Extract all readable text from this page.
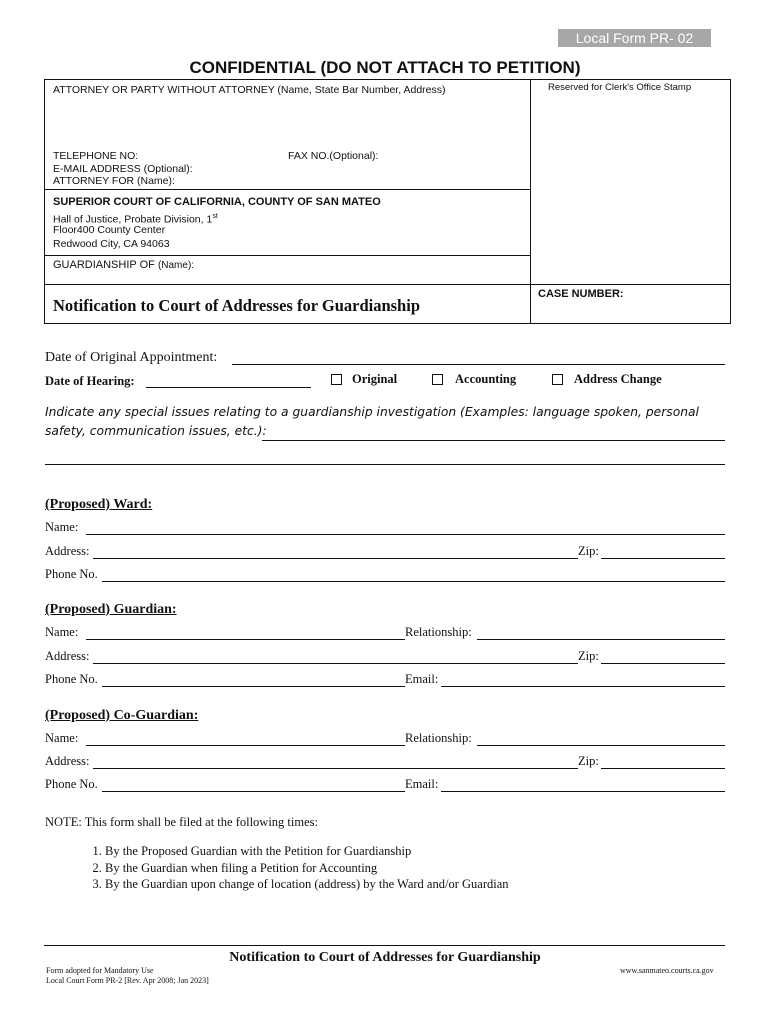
Local Form PR- 02
CONFIDENTIAL (DO NOT ATTACH TO PETITION)
ATTORNEY OR PARTY WITHOUT ATTORNEY (Name, State Bar Number, Address)	Reserved for Clerk's Office Stamp
TELEPHONE NO:	FAX NO.(Optional):
E-MAIL ADDRESS (Optional):
ATTORNEY FOR (Name):
SUPERIOR COURT OF CALIFORNIA, COUNTY OF SAN MATEO
Hall of Justice, Probate Division, 1st
Floor400 County Center
Redwood City, CA 94063
GUARDIANSHIP OF (Name):
Notification to Court of Addresses for Guardianship
CASE NUMBER:
Date of Original Appointment:
Date of Hearing:	Original	Accounting	Address Change
Indicate any special issues relating to a guardianship investigation (Examples: language spoken, personal
safety, communication issues, etc.):
(Proposed) Ward:
Name:
Address:	Zip:
Phone No.
(Proposed) Guardian:
Name:	Relationship:
Address:	Zip:
Phone No.	Email:
(Proposed) Co-Guardian:
Name:	Relationship:
Address:	Zip:
Phone No.	Email:
NOTE: This form shall be filed at the following times:
1. By the Proposed Guardian with the Petition for Guardianship
2. By the Guardian when filing a Petition for Accounting
3. By the Guardian upon change of location (address) by the Ward and/or Guardian
Notification to Court of Addresses for Guardianship
Form adopted for Mandatory Use
Local Court Form PR-2 [Rev. Apr 2008; Jan 2023]
www.sanmateo.courts.ca.gov
